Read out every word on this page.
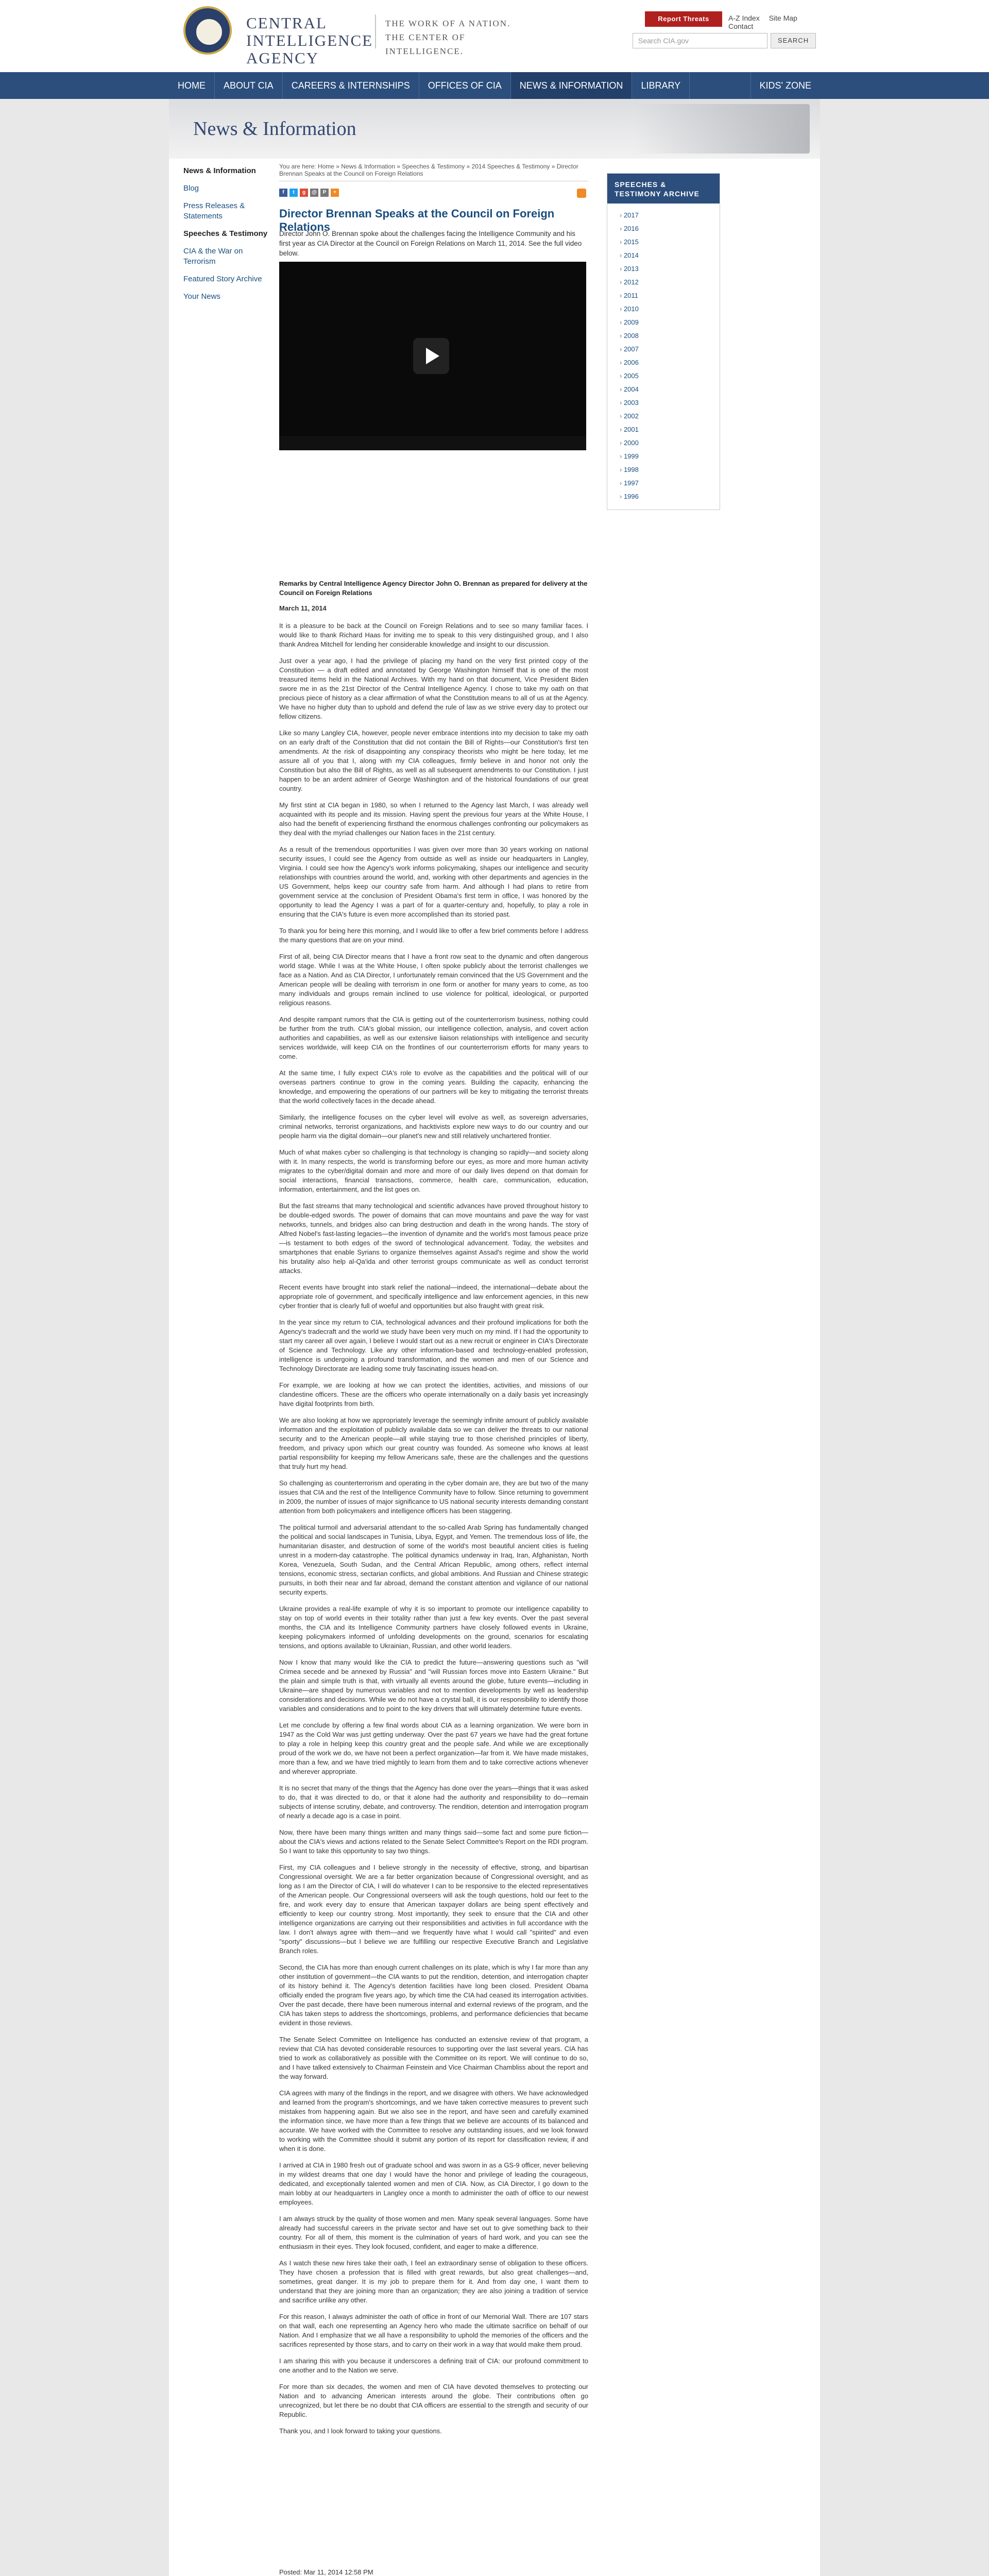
CENTRAL INTELLIGENCE AGENCY
THE WORK OF A NATION. THE CENTER OF INTELLIGENCE.
Report Threats	A-Z Index Site Map Contact
Search CIA.gov	SEARCH
HOME	ABOUT CIA	CAREERS & INTERNSHIPS	OFFICES OF CIA	NEWS & INFORMATION	LIBRARY	KIDS' ZONE
News & Information
News & Information
Blog
Press Releases & Statements
Speeches & Testimony
CIA & the War on Terrorism
Featured Story Archive
Your News
You are here: Home » News & Information » Speeches & Testimony » 2014 Speeches & Testimony » Director Brennan Speaks at the Council on Foreign Relations
f	t	g	@	P	+
Director Brennan Speaks at the Council on Foreign Relations
Director John O. Brennan spoke about the challenges facing the Intelligence Community and his first year as CIA Director at the Council on Foreign Relations on March 11, 2014. See the full video below.
Remarks by Central Intelligence Agency Director John O. Brennan as prepared for delivery at the Council on Foreign Relations
March 11, 2014

It is a pleasure to be back at the Council on Foreign Relations and to see so many familiar faces. I would like to thank Richard Haas for inviting me to speak to this very distinguished group, and I also thank Andrea Mitchell for lending her considerable knowledge and insight to our discussion.

Just over a year ago, I had the privilege of placing my hand on the very first printed copy of the Constitution — a draft edited and annotated by George Washington himself that is one of the most treasured items held in the National Archives. With my hand on that document, Vice President Biden swore me in as the 21st Director of the Central Intelligence Agency. I chose to take my oath on that precious piece of history as a clear affirmation of what the Constitution means to all of us at the Agency. We have no higher duty than to uphold and defend the rule of law as we strive every day to protect our fellow citizens.

Like so many Langley CIA, however, people never embrace intentions into my decision to take my oath on an early draft of the Constitution that did not contain the Bill of Rights—our Constitution's first ten amendments. At the risk of disappointing any conspiracy theorists who might be here today, let me assure all of you that I, along with my CIA colleagues, firmly believe in and honor not only the Constitution but also the Bill of Rights, as well as all subsequent amendments to our Constitution. I just happen to be an ardent admirer of George Washington and of the historical foundations of our great country.

My first stint at CIA began in 1980, so when I returned to the Agency last March, I was already well acquainted with its people and its mission. Having spent the previous four years at the White House, I also had the benefit of experiencing firsthand the enormous challenges confronting our policymakers as they deal with the myriad challenges our Nation faces in the 21st century.

As a result of the tremendous opportunities I was given over more than 30 years working on national security issues, I could see the Agency from outside as well as inside our headquarters in Langley, Virginia. I could see how the Agency's work informs policymaking, shapes our intelligence and security relationships with countries around the world, and, working with other departments and agencies in the US Government, helps keep our country safe from harm. And although I had plans to retire from government service at the conclusion of President Obama's first term in office, I was honored by the opportunity to lead the Agency I was a part of for a quarter-century and, hopefully, to play a role in ensuring that the CIA's future is even more accomplished than its storied past.

To thank you for being here this morning, and I would like to offer a few brief comments before I address the many questions that are on your mind.

First of all, being CIA Director means that I have a front row seat to the dynamic and often dangerous world stage. While I was at the White House, I often spoke publicly about the terrorist challenges we face as a Nation. And as CIA Director, I unfortunately remain convinced that the US Government and the American people will be dealing with terrorism in one form or another for many years to come, as too many individuals and groups remain inclined to use violence for political, ideological, or purported religious reasons.

And despite rampant rumors that the CIA is getting out of the counterterrorism business, nothing could be further from the truth. CIA's global mission, our intelligence collection, analysis, and covert action authorities and capabilities, as well as our extensive liaison relationships with intelligence and security services worldwide, will keep CIA on the frontlines of our counterterrorism efforts for many years to come.

At the same time, I fully expect CIA's role to evolve as the capabilities and the political will of our overseas partners continue to grow in the coming years. Building the capacity, enhancing the knowledge, and empowering the operations of our partners will be key to mitigating the terrorist threats that the world collectively faces in the decade ahead.

Similarly, the intelligence focuses on the cyber level will evolve as well, as sovereign adversaries, criminal networks, terrorist organizations, and hacktivists explore new ways to do our country and our people harm via the digital domain—our planet's new and still relatively unchartered frontier.

Much of what makes cyber so challenging is that technology is changing so rapidly—and society along with it. In many respects, the world is transforming before our eyes, as more and more human activity migrates to the cyber/digital domain and more and more of our daily lives depend on that domain for social interactions, financial transactions, commerce, health care, communication, education, information, entertainment, and the list goes on.

But the fast streams that many technological and scientific advances have proved throughout history to be double-edged swords. The power of domains that can move mountains and pave the way for vast networks, tunnels, and bridges also can bring destruction and death in the wrong hands. The story of Alfred Nobel's fast-lasting legacies—the invention of dynamite and the world's most famous peace prize—is testament to both edges of the sword of technological advancement. Today, the websites and smartphones that enable Syrians to organize themselves against Assad's regime and show the world his brutality also help al-Qa'ida and other terrorist groups communicate as well as conduct terrorist attacks.

Recent events have brought into stark relief the national—indeed, the international—debate about the appropriate role of government, and specifically intelligence and law enforcement agencies, in this new cyber frontier that is clearly full of woeful and opportunities but also fraught with great risk.

In the year since my return to CIA, technological advances and their profound implications for both the Agency's tradecraft and the world we study have been very much on my mind. If I had the opportunity to start my career all over again, I believe I would start out as a new recruit or engineer in CIA's Directorate of Science and Technology. Like any other information-based and technology-enabled profession, intelligence is undergoing a profound transformation, and the women and men of our Science and Technology Directorate are leading some truly fascinating issues head-on.

For example, we are looking at how we can protect the identities, activities, and missions of our clandestine officers. These are the officers who operate internationally on a daily basis yet increasingly have digital footprints from birth.

We are also looking at how we appropriately leverage the seemingly infinite amount of publicly available information and the exploitation of publicly available data so we can deliver the threats to our national security and to the American people—all while staying true to those cherished principles of liberty, freedom, and privacy upon which our great country was founded. As someone who knows at least partial responsibility for keeping my fellow Americans safe, these are the challenges and the questions that truly hurt my head.

So challenging as counterterrorism and operating in the cyber domain are, they are but two of the many issues that CIA and the rest of the Intelligence Community have to follow. Since returning to government in 2009, the number of issues of major significance to US national security interests demanding constant attention from both policymakers and intelligence officers has been staggering.

The political turmoil and adversarial attendant to the so-called Arab Spring has fundamentally changed the political and social landscapes in Tunisia, Libya, Egypt, and Yemen. The tremendous loss of life, the humanitarian disaster, and destruction of some of the world's most beautiful ancient cities is fueling unrest in a modern-day catastrophe. The political dynamics underway in Iraq, Iran, Afghanistan, North Korea, Venezuela, South Sudan, and the Central African Republic, among others, reflect internal tensions, economic stress, sectarian conflicts, and global ambitions. And Russian and Chinese strategic pursuits, in both their near and far abroad, demand the constant attention and vigilance of our national security experts.

Ukraine provides a real-life example of why it is so important to promote our intelligence capability to stay on top of world events in their totality rather than just a few key events. Over the past several months, the CIA and its Intelligence Community partners have closely followed events in Ukraine, keeping policymakers informed of unfolding developments on the ground, scenarios for escalating tensions, and options available to Ukrainian, Russian, and other world leaders.

Now I know that many would like the CIA to predict the future—answering questions such as "will Crimea secede and be annexed by Russia" and "will Russian forces move into Eastern Ukraine." But the plain and simple truth is that, with virtually all events around the globe, future events—including in Ukraine—are shaped by numerous variables and not to mention developments by well as leadership considerations and decisions. While we do not have a crystal ball, it is our responsibility to identify those variables and considerations and to point to the key drivers that will ultimately determine future events.

Let me conclude by offering a few final words about CIA as a learning organization. We were born in 1947 as the Cold War was just getting underway. Over the past 67 years we have had the great fortune to play a role in helping keep this country great and the people safe. And while we are exceptionally proud of the work we do, we have not been a perfect organization—far from it. We have made mistakes, more than a few, and we have tried mightily to learn from them and to take corrective actions whenever and wherever appropriate.

It is no secret that many of the things that the Agency has done over the years—things that it was asked to do, that it was directed to do, or that it alone had the authority and responsibility to do—remain subjects of intense scrutiny, debate, and controversy. The rendition, detention and interrogation program of nearly a decade ago is a case in point.

Now, there have been many things written and many things said—some fact and some pure fiction—about the CIA's views and actions related to the Senate Select Committee's Report on the RDI program. So I want to take this opportunity to say two things.

First, my CIA colleagues and I believe strongly in the necessity of effective, strong, and bipartisan Congressional oversight. We are a far better organization because of Congressional oversight, and as long as I am the Director of CIA, I will do whatever I can to be responsive to the elected representatives of the American people. Our Congressional overseers will ask the tough questions, hold our feet to the fire, and work every day to ensure that American taxpayer dollars are being spent effectively and efficiently to keep our country strong. Most importantly, they seek to ensure that the CIA and other intelligence organizations are carrying out their responsibilities and activities in full accordance with the law. I don't always agree with them—and we frequently have what I would call "spirited" and even "sporty" discussions—but I believe we are fulfilling our respective Executive Branch and Legislative Branch roles.

Second, the CIA has more than enough current challenges on its plate, which is why I far more than any other institution of government—the CIA wants to put the rendition, detention, and interrogation chapter of its history behind it. The Agency's detention facilities have long been closed. President Obama officially ended the program five years ago, by which time the CIA had ceased its interrogation activities. Over the past decade, there have been numerous internal and external reviews of the program, and the CIA has taken steps to address the shortcomings, problems, and performance deficiencies that became evident in those reviews.

The Senate Select Committee on Intelligence has conducted an extensive review of that program, a review that CIA has devoted considerable resources to supporting over the last several years. CIA has tried to work as collaboratively as possible with the Committee on its report. We will continue to do so, and I have talked extensively to Chairman Feinstein and Vice Chairman Chambliss about the report and the way forward.

CIA agrees with many of the findings in the report, and we disagree with others. We have acknowledged and learned from the program's shortcomings, and we have taken corrective measures to prevent such mistakes from happening again. But we also see in the report, and have seen and carefully examined the information since, we have more than a few things that we believe are accounts of its balanced and accurate. We have worked with the Committee to resolve any outstanding issues, and we look forward to working with the Committee should it submit any portion of its report for classification review, if and when it is done.

I arrived at CIA in 1980 fresh out of graduate school and was sworn in as a GS-9 officer, never believing in my wildest dreams that one day I would have the honor and privilege of leading the courageous, dedicated, and exceptionally talented women and men of CIA. Now, as CIA Director, I go down to the main lobby at our headquarters in Langley once a month to administer the oath of office to our newest employees.

I am always struck by the quality of those women and men. Many speak several languages. Some have already had successful careers in the private sector and have set out to give something back to their country. For all of them, this moment is the culmination of years of hard work, and you can see the enthusiasm in their eyes. They look focused, confident, and eager to make a difference.

As I watch these new hires take their oath, I feel an extraordinary sense of obligation to these officers. They have chosen a profession that is filled with great rewards, but also great challenges—and, sometimes, great danger. It is my job to prepare them for it. And from day one, I want them to understand that they are joining more than an organization; they are also joining a tradition of service and sacrifice unlike any other.

For this reason, I always administer the oath of office in front of our Memorial Wall. There are 107 stars on that wall, each one representing an Agency hero who made the ultimate sacrifice on behalf of our Nation. And I emphasize that we all have a responsibility to uphold the memories of the officers and the sacrifices represented by those stars, and to carry on their work in a way that would make them proud.

I am sharing this with you because it underscores a defining trait of CIA: our profound commitment to one another and to the Nation we serve.

For more than six decades, the women and men of CIA have devoted themselves to protecting our Nation and to advancing American interests around the globe. Their contributions often go unrecognized, but let there be no doubt that CIA officers are essential to the strength and security of our Republic.

Thank you, and I look forward to taking your questions.

Posted: Mar 11, 2014 12:58 PM
SPEECHES & TESTIMONY ARCHIVE
› 2017
› 2016
› 2015
› 2014
› 2013
› 2012
› 2011
› 2010
› 2009
› 2008
› 2007
› 2006
› 2005
› 2004
› 2003
› 2002
› 2001
› 2000
› 1999
› 1998
› 1997
› 1996
